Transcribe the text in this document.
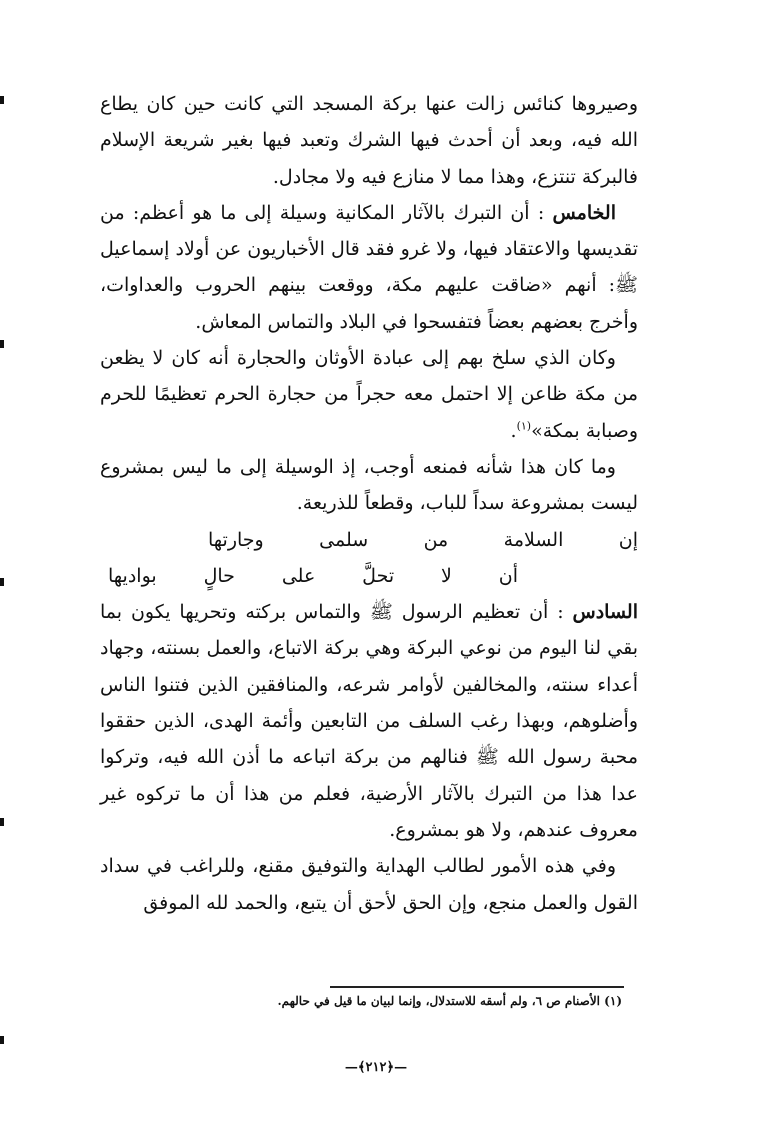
وصيروها كنائس زالت عنها بركة المسجد التي كانت حين كان يطاع الله فيه، وبعد أن أحدث فيها الشرك وتعبد فيها بغير شريعة الإسلام فالبركة تنتزع، وهذا مما لا منازع فيه ولا مجادل.

الخامس : أن التبرك بالآثار المكانية وسيلة إلى ما هو أعظم: من تقديسها والاعتقاد فيها، ولا غرو فقد قال الأخباريون عن أولاد إسماعيل ﷺ: أنهم «ضاقت عليهم مكة، ووقعت بينهم الحروب والعداوات، وأخرج بعضهم بعضاً فتفسحوا في البلاد والتماس المعاش.

وكان الذي سلخ بهم إلى عبادة الأوثان والحجارة أنه كان لا يظعن من مكة ظاعن إلا احتمل معه حجراً من حجارة الحرم تعظيمًا للحرم وصبابة بمكة»$^{(١)}$.

وما كان هذا شأنه فمنعه أوجب، إذ الوسيلة إلى ما ليس بمشروع ليست بمشروعة سداً للباب، وقطعاً للذريعة.

إن السلامة من سلمى وجارتها
أن لا تحلَّ على حالٍ بواديها

السادس : أن تعظيم الرسول ﷺ والتماس بركته وتحريها يكون بما بقي لنا اليوم من نوعي البركة وهي بركة الاتباع، والعمل بسنته، وجهاد أعداء سنته، والمخالفين لأوامر شرعه، والمنافقين الذين فتنوا الناس وأضلوهم، وبهذا رغب السلف من التابعين وأئمة الهدى، الذين حققوا محبة رسول الله ﷺ فنالهم من بركة اتباعه ما أذن الله فيه، وتركوا عدا هذا من التبرك بالآثار الأرضية، فعلم من هذا أن ما تركوه غير معروف عندهم، ولا هو بمشروع.

وفي هذه الأمور لطالب الهداية والتوفيق مقنع، وللراغب في سداد القول والعمل منجع، وإن الحق لأحق أن يتبع، والحمد لله الموفق

(١) الأصنام ص ٦، ولم أسقه للاستدلال، وإنما لبيان ما قيل في حالهم.
—﴿٢١٢﴾—
